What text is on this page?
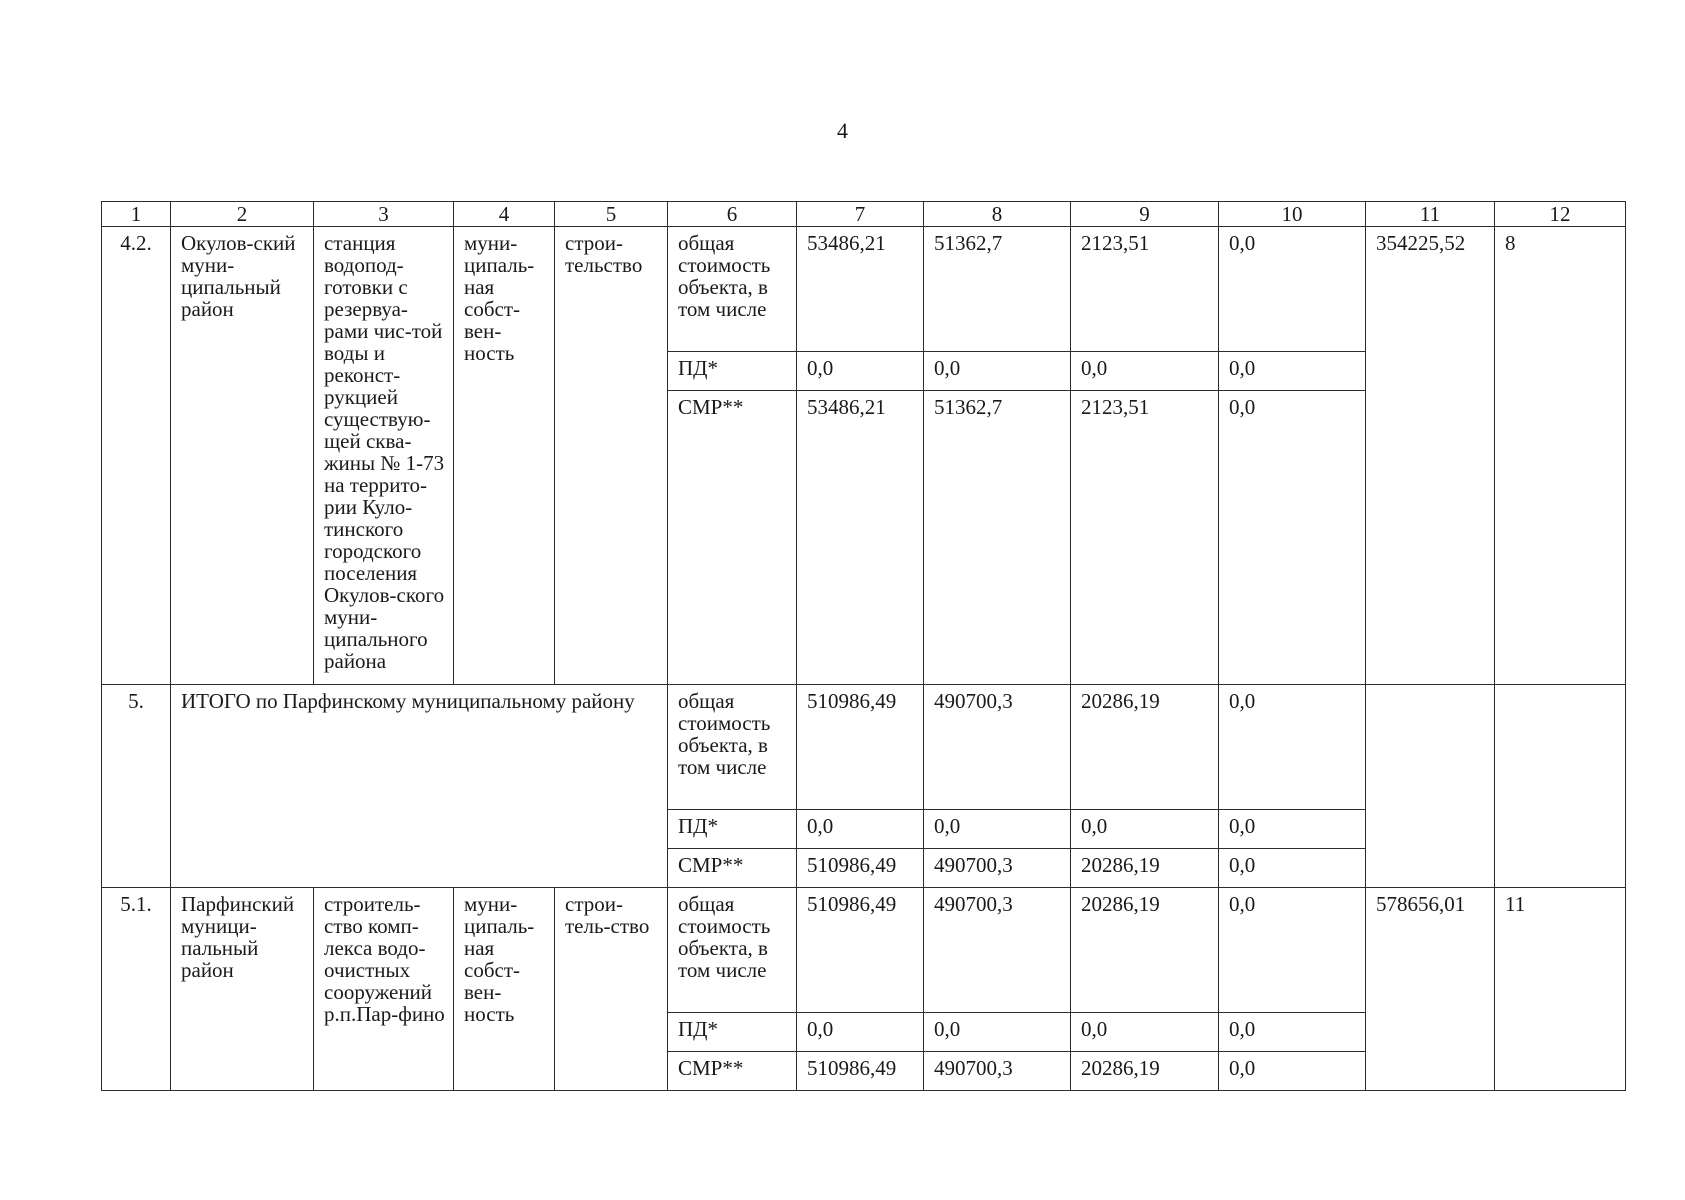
4
1	2	3	4	5	6	7	8	9	10	11	12
4.2.	Окулов-ский муни-ципальный район	станция водопод-готовки с резервуа-рами чис-той воды и реконст-рукцией существую-щей сква-жины № 1-73 на террито-рии Куло-тинского городского поселения Окулов-ского муни-ципального района	муни-ципаль-ная собст-вен-ность	строи-тельство	общая стоимость объекта, в том числе	53486,21	51362,7	2123,51	0,0	354225,52	8
					ПД*	0,0	0,0	0,0	0,0		
					СМР**	53486,21	51362,7	2123,51	0,0		
5.	ИТОГО по Парфинскому муниципальному району				общая стоимость объекта, в том числе	510986,49	490700,3	20286,19	0,0		
					ПД*	0,0	0,0	0,0	0,0		
					СМР**	510986,49	490700,3	20286,19	0,0		
5.1.	Парфинский муници-пальный район	строитель-ство комп-лекса водо-очистных сооружений р.п.Пар-фино	муни-ципаль-ная собст-вен-ность	строи-тель-ство	общая стоимость объекта, в том числе	510986,49	490700,3	20286,19	0,0	578656,01	11
					ПД*	0,0	0,0	0,0	0,0		
					СМР**	510986,49	490700,3	20286,19	0,0		
